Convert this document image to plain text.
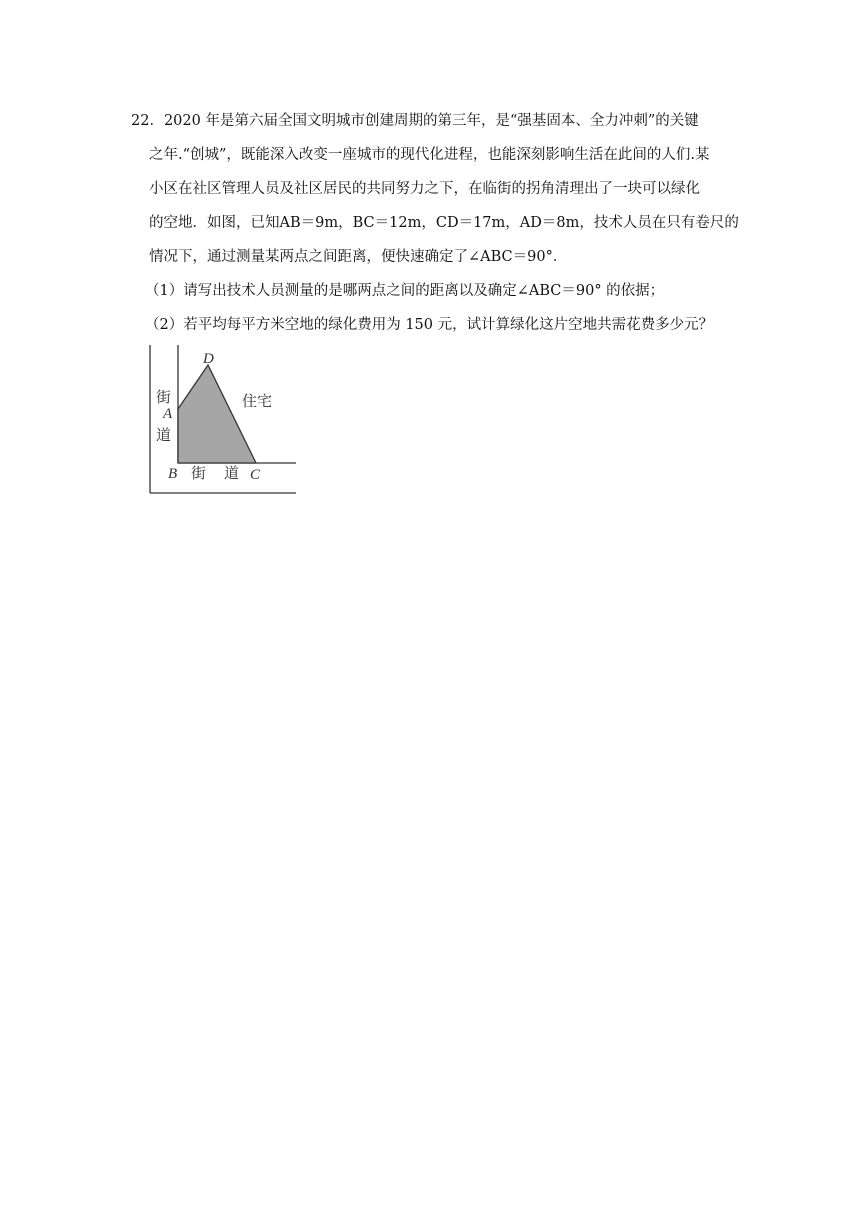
22．2020 年是第六届全国文明城市创建周期的第三年，是“强基固本、全力冲刺”的关键
之年.“创城”，既能深入改变一座城市的现代化进程，也能深刻影响生活在此间的人们.某
小区在社区管理人员及社区居民的共同努力之下，在临街的拐角清理出了一块可以绿化
的空地．如图，已知AB＝9m，BC＝12m，CD＝17m，AD＝8m，技术人员在只有卷尺的
情况下，通过测量某两点之间距离，便快速确定了∠ABC＝90°．
（1）请写出技术人员测量的是哪两点之间的距离以及确定∠ABC＝90° 的依据；
（2）若平均每平方米空地的绿化费用为 150 元，试计算绿化这片空地共需花费多少元？
D
A
B	C
街
道
街 道
住宅
